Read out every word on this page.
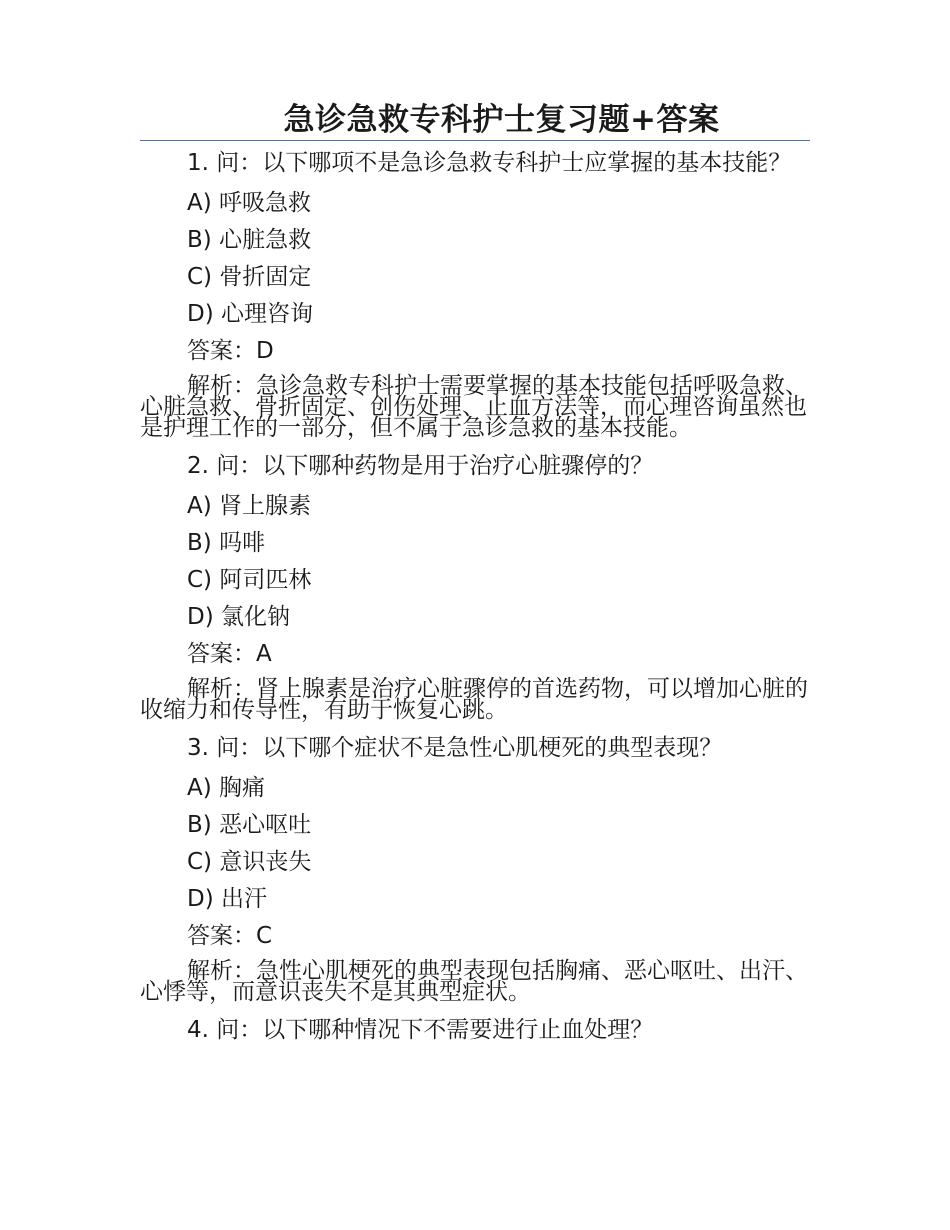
急诊急救专科护士复习题+答案
1. 问：以下哪项不是急诊急救专科护士应掌握的基本技能？
A) 呼吸急救
B) 心脏急救
C) 骨折固定
D) 心理咨询
答案：D
解析：急诊急救专科护士需要掌握的基本技能包括呼吸急救、心脏急救、骨折固定、创伤处理、止血方法等，而心理咨询虽然也是护理工作的一部分，但不属于急诊急救的基本技能。
2. 问：以下哪种药物是用于治疗心脏骤停的？
A) 肾上腺素
B) 吗啡
C) 阿司匹林
D) 氯化钠
答案：A
解析：肾上腺素是治疗心脏骤停的首选药物，可以增加心脏的收缩力和传导性，有助于恢复心跳。
3. 问：以下哪个症状不是急性心肌梗死的典型表现？
A) 胸痛
B) 恶心呕吐
C) 意识丧失
D) 出汗
答案：C
解析：急性心肌梗死的典型表现包括胸痛、恶心呕吐、出汗、心悸等，而意识丧失不是其典型症状。
4. 问：以下哪种情况下不需要进行止血处理？
